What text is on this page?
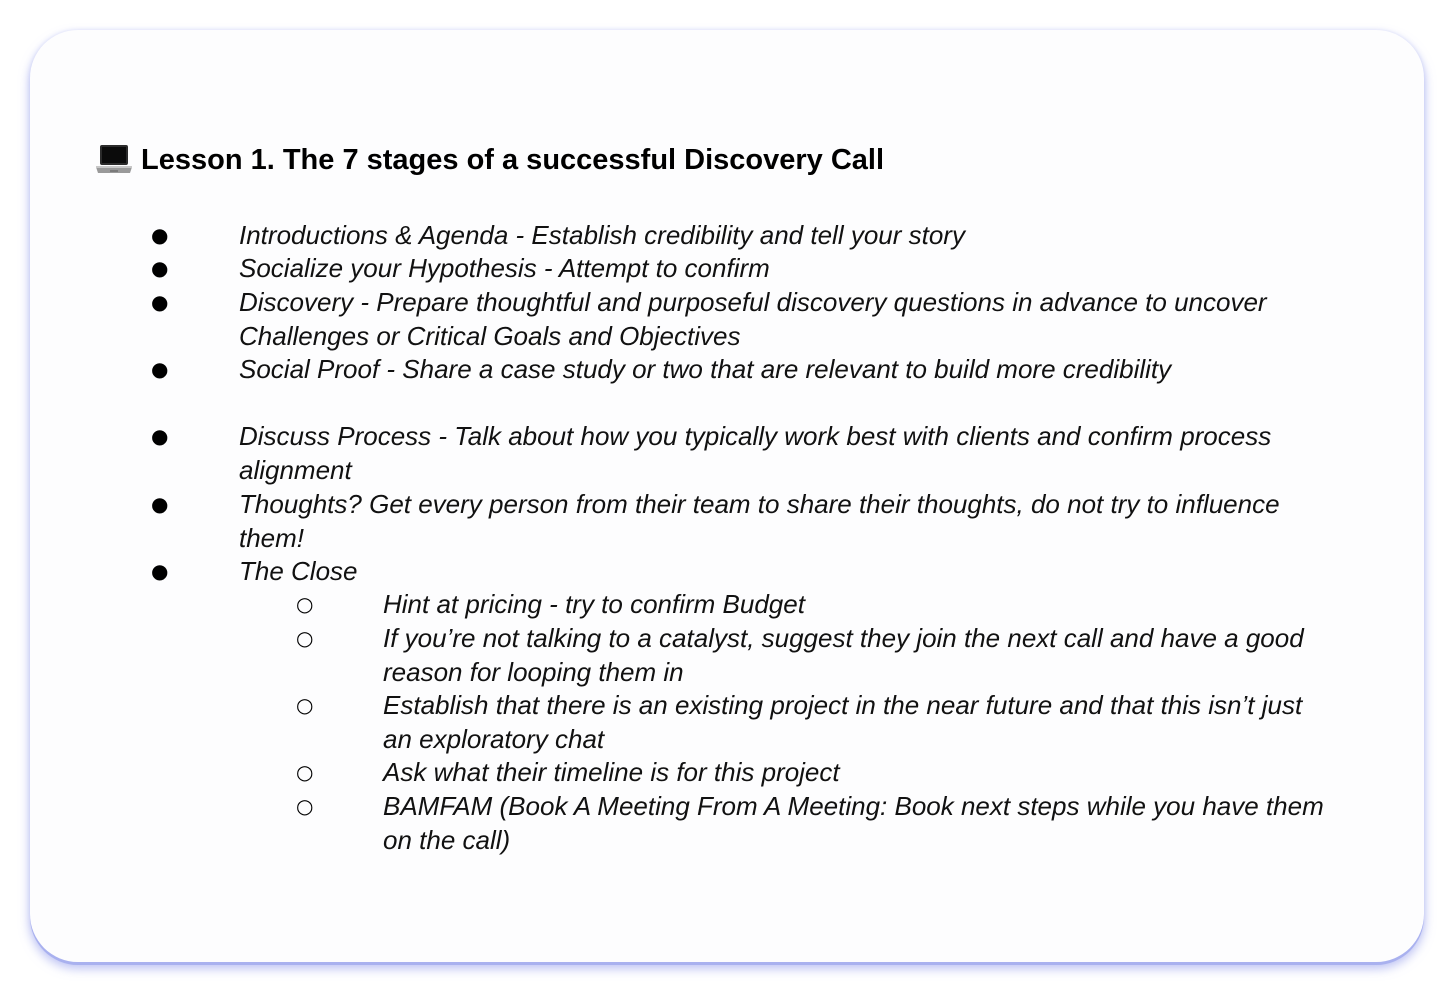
Lesson 1. The 7 stages of a successful Discovery Call
●	Introductions & Agenda - Establish credibility and tell your story
●	Socialize your Hypothesis - Attempt to confirm
●	Discovery - Prepare thoughtful and purposeful discovery questions in advance to uncover Challenges or Critical Goals and Objectives
●	Social Proof - Share a case study or two that are relevant to build more credibility
●	Discuss Process - Talk about how you typically work best with clients and confirm process alignment
●	Thoughts? Get every person from their team to share their thoughts, do not try to influence them!
●	The Close
○	Hint at pricing - try to confirm Budget
○	If you’re not talking to a catalyst, suggest they join the next call and have a good reason for looping them in
○	Establish that there is an existing project in the near future and that this isn’t just an exploratory chat
○	Ask what their timeline is for this project
○	BAMFAM (Book A Meeting From A Meeting: Book next steps while you have them on the call)
